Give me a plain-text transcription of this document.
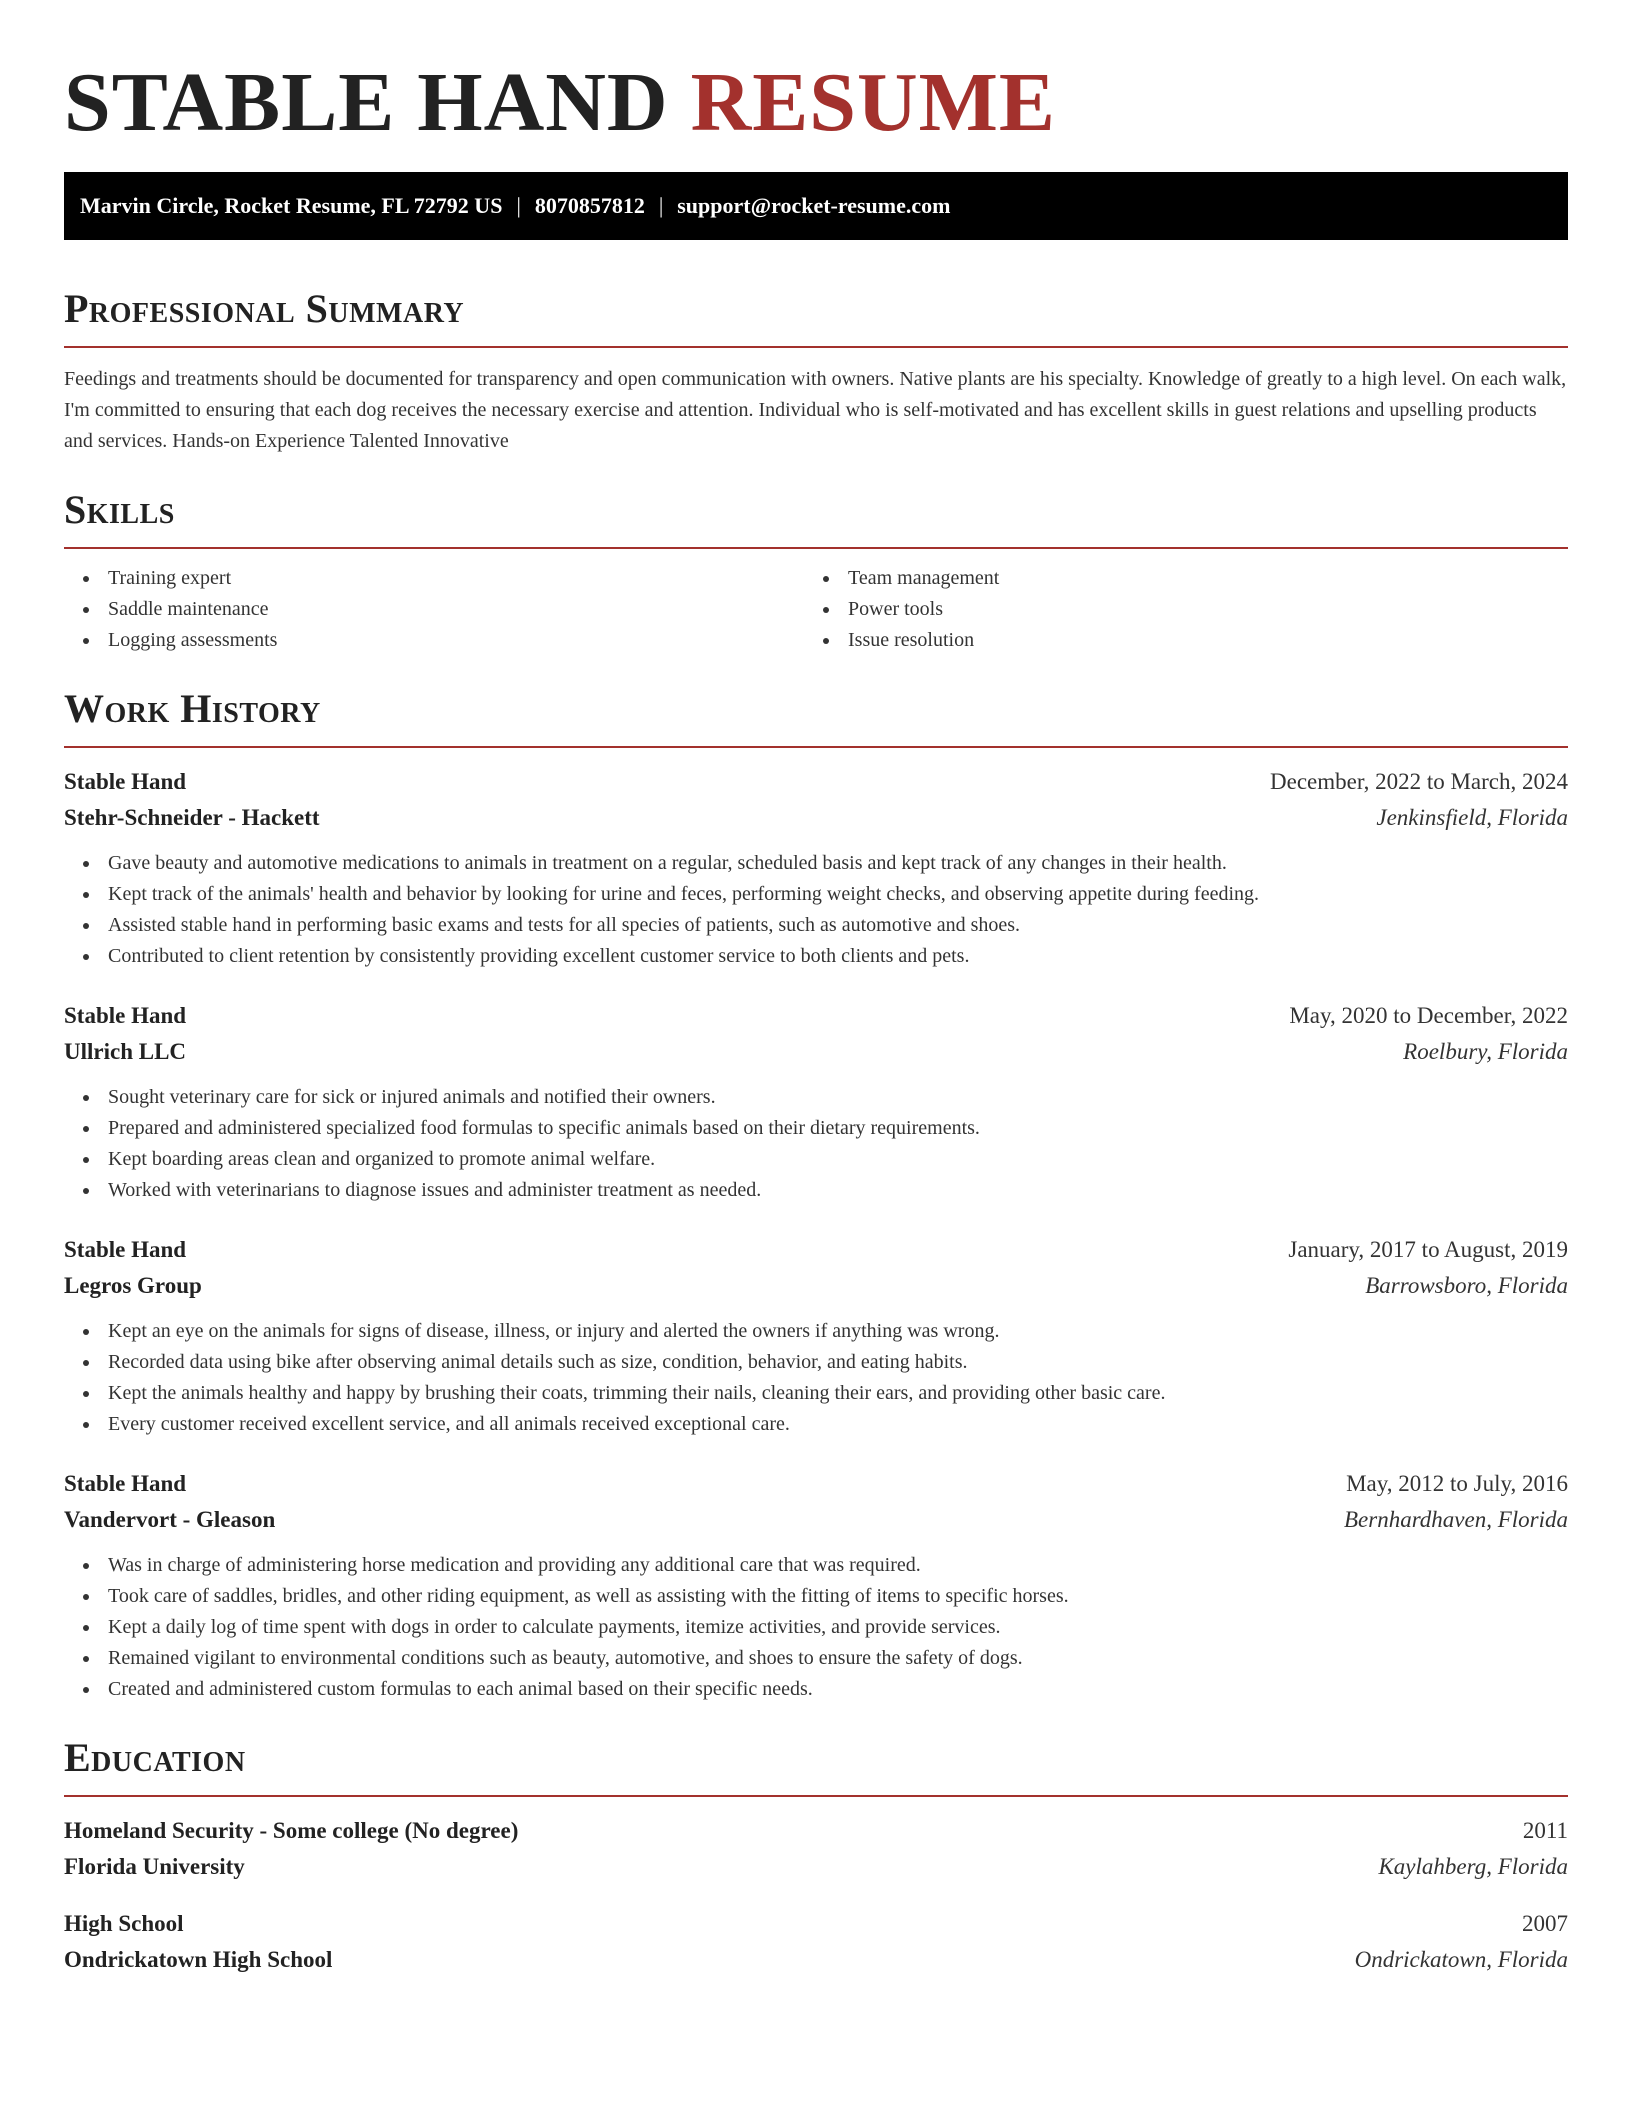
STABLE HAND RESUME
Marvin Circle, Rocket Resume, FL 72792 US | 8070857812 | support@rocket-resume.com
Professional Summary

Feedings and treatments should be documented for transparency and open communication with owners. Native plants are his specialty. Knowledge of greatly to a high level. On each walk, I'm committed to ensuring that each dog receives the necessary exercise and attention. Individual who is self-motivated and has excellent skills in guest relations and upselling products and services. Hands-on Experience Talented Innovative

Skills
Training expert
Saddle maintenance
Logging assessments
Team management
Power tools
Issue resolution
Work History
Stable Hand	December, 2022 to March, 2024
Stehr-Schneider - Hackett	Jenkinsfield, Florida
Gave beauty and automotive medications to animals in treatment on a regular, scheduled basis and kept track of any changes in their health.
Kept track of the animals' health and behavior by looking for urine and feces, performing weight checks, and observing appetite during feeding.
Assisted stable hand in performing basic exams and tests for all species of patients, such as automotive and shoes.
Contributed to client retention by consistently providing excellent customer service to both clients and pets.
Stable Hand	May, 2020 to December, 2022
Ullrich LLC	Roelbury, Florida
Sought veterinary care for sick or injured animals and notified their owners.
Prepared and administered specialized food formulas to specific animals based on their dietary requirements.
Kept boarding areas clean and organized to promote animal welfare.
Worked with veterinarians to diagnose issues and administer treatment as needed.
Stable Hand	January, 2017 to August, 2019
Legros Group	Barrowsboro, Florida
Kept an eye on the animals for signs of disease, illness, or injury and alerted the owners if anything was wrong.
Recorded data using bike after observing animal details such as size, condition, behavior, and eating habits.
Kept the animals healthy and happy by brushing their coats, trimming their nails, cleaning their ears, and providing other basic care.
Every customer received excellent service, and all animals received exceptional care.
Stable Hand	May, 2012 to July, 2016
Vandervort - Gleason	Bernhardhaven, Florida
Was in charge of administering horse medication and providing any additional care that was required.
Took care of saddles, bridles, and other riding equipment, as well as assisting with the fitting of items to specific horses.
Kept a daily log of time spent with dogs in order to calculate payments, itemize activities, and provide services.
Remained vigilant to environmental conditions such as beauty, automotive, and shoes to ensure the safety of dogs.
Created and administered custom formulas to each animal based on their specific needs.
Education
Homeland Security - Some college (No degree)	2011
Florida University	Kaylahberg, Florida
High School	2007
Ondrickatown High School	Ondrickatown, Florida
